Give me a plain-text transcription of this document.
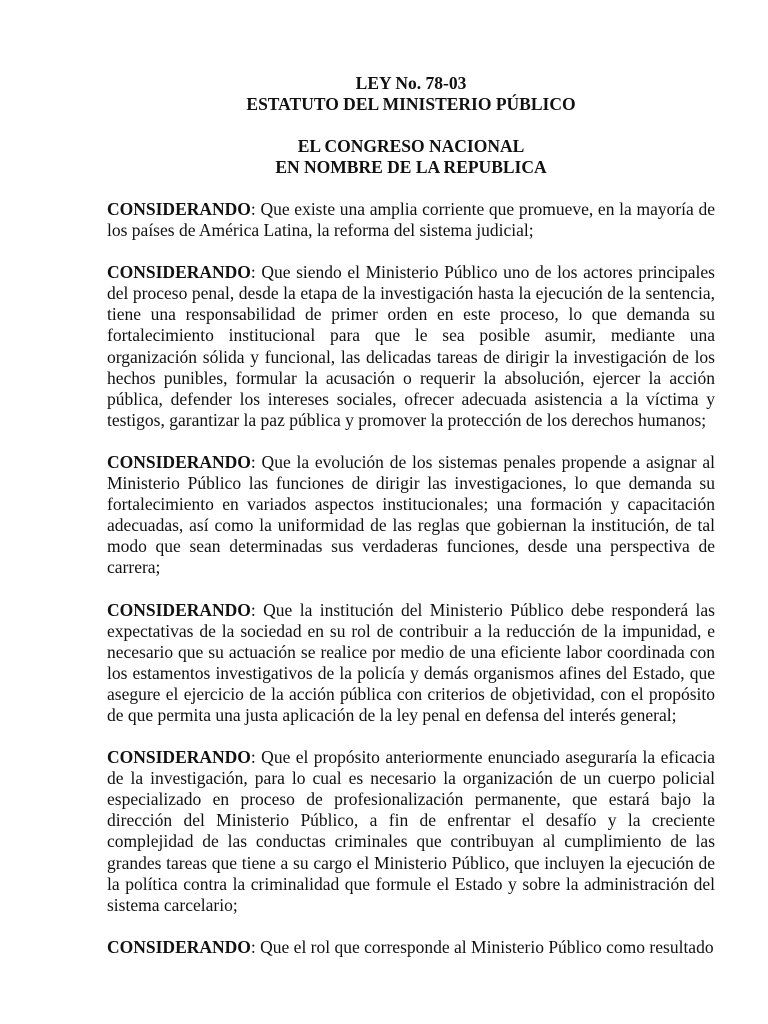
LEY No. 78-03

ESTATUTO DEL MINISTERIO PÚBLICO

EL CONGRESO NACIONAL

EN NOMBRE DE LA REPUBLICA

CONSIDERANDO: Que existe una amplia corriente que promueve, en la mayoría de los países de América Latina, la reforma del sistema judicial;

CONSIDERANDO: Que siendo el Ministerio Público uno de los actores principales del proceso penal, desde la etapa de la investigación hasta la ejecución de la sentencia, tiene una responsabilidad de primer orden en este proceso, lo que demanda su fortalecimiento institucional para que le sea posible asumir, mediante una organización sólida y funcional, las delicadas tareas de dirigir la investigación de los hechos punibles, formular la acusación o requerir la absolución, ejercer la acción pública, defender los intereses sociales, ofrecer adecuada asistencia a la víctima y testigos, garantizar la paz pública y promover la protección de los derechos humanos;

CONSIDERANDO: Que la evolución de los sistemas penales propende a asignar al Ministerio Público las funciones de dirigir las investigaciones, lo que demanda su fortalecimiento en variados aspectos institucionales; una formación y capacitación adecuadas, así como la uniformidad de las reglas que gobiernan la institución, de tal modo que sean determinadas sus verdaderas funciones, desde una perspectiva de carrera;

CONSIDERANDO: Que la institución del Ministerio Público debe responderá las expectativas de la sociedad en su rol de contribuir a la reducción de la impunidad, e necesario que su actuación se realice por medio de una eficiente labor coordinada con los estamentos investigativos de la policía y demás organismos afines del Estado, que asegure el ejercicio de la acción pública con criterios de objetividad, con el propósito de que permita una justa aplicación de la ley penal en defensa del interés general;

CONSIDERANDO: Que el propósito anteriormente enunciado aseguraría la eficacia de la investigación, para lo cual es necesario la organización de un cuerpo policial especializado en proceso de profesionalización permanente, que estará bajo la dirección del Ministerio Público, a fin de enfrentar el desafío y la creciente complejidad de las conductas criminales que contribuyan al cumplimiento de las grandes tareas que tiene a su cargo el Ministerio Público, que incluyen la ejecución de la política contra la criminalidad que formule el Estado y sobre la administración del sistema carcelario;

CONSIDERANDO: Que el rol que corresponde al Ministerio Público como resultado
